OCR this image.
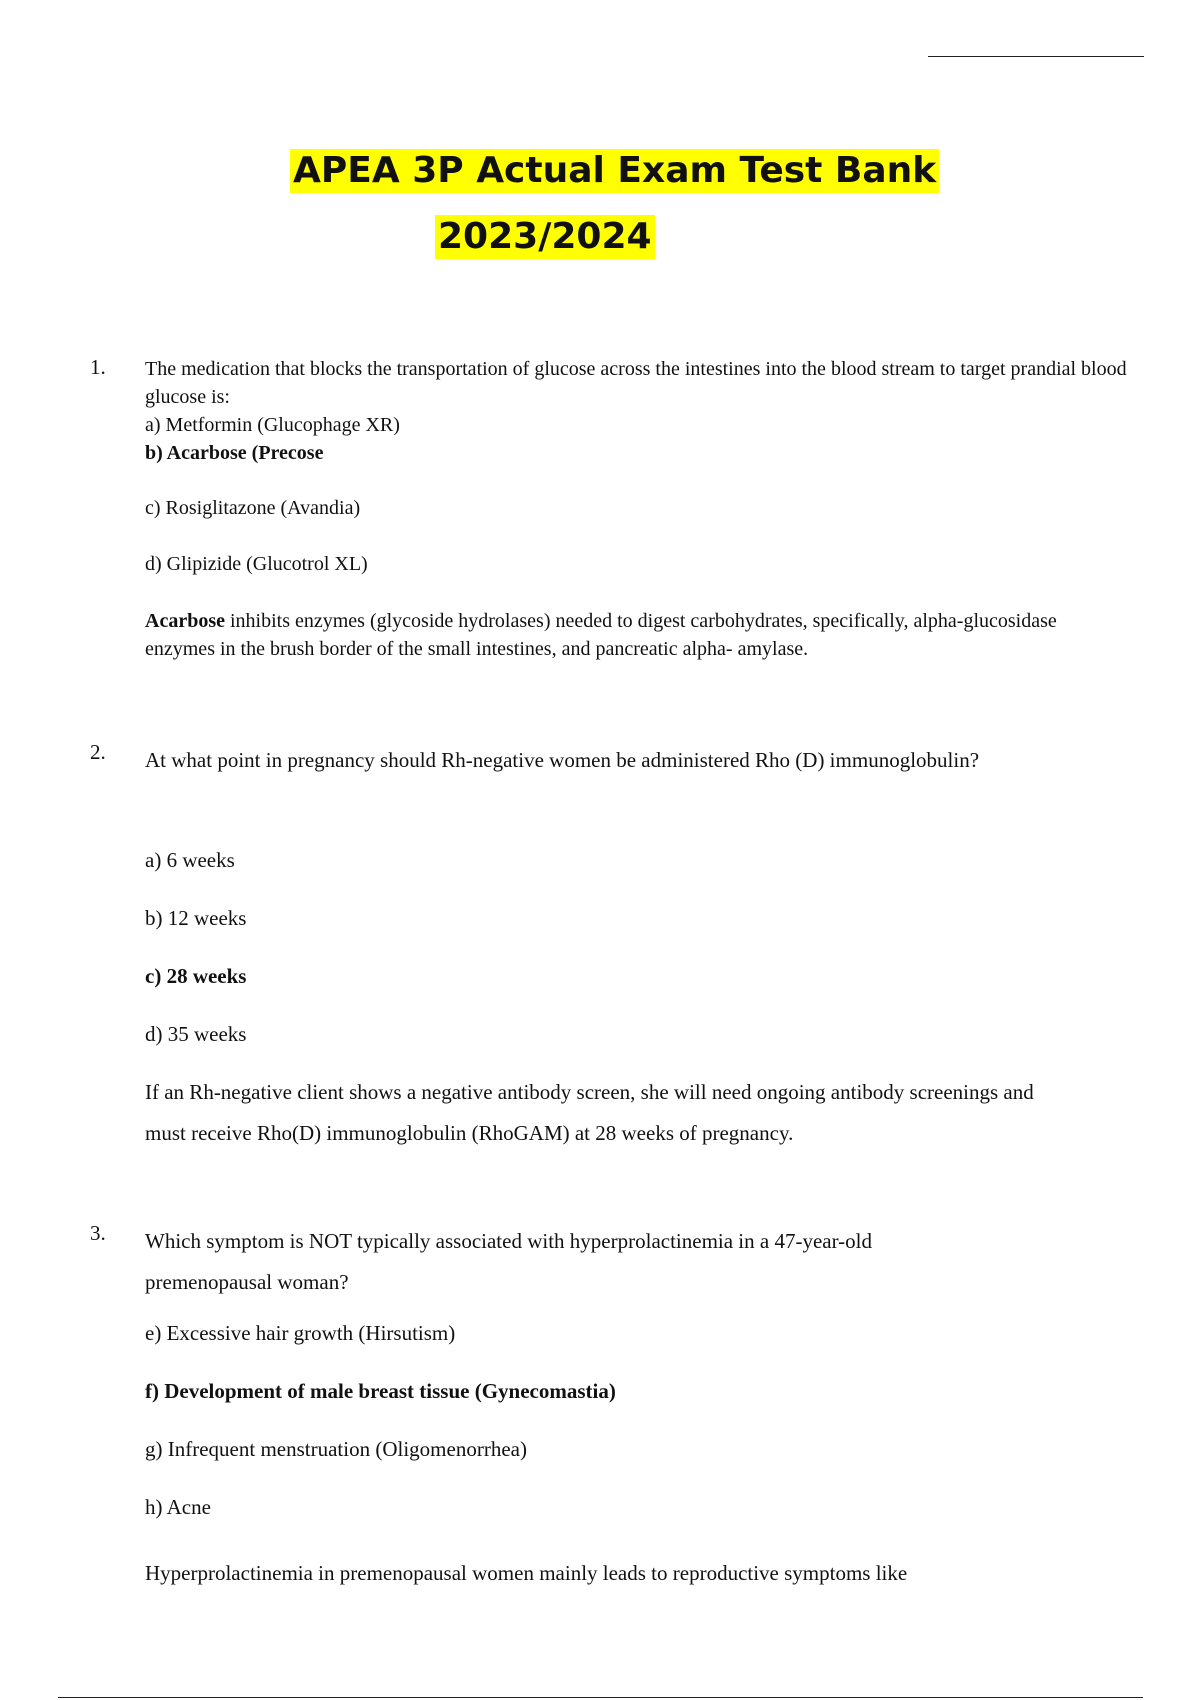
APEA 3P Actual Exam Test Bank
2023/2024
1. The medication that blocks the transportation of glucose across the intestines into the blood stream to target prandial blood glucose is:
a) Metformin (Glucophage XR)
b) Acarbose (Precose
c) Rosiglitazone (Avandia)
d) Glipizide (Glucotrol XL)
Acarbose inhibits enzymes (glycoside hydrolases) needed to digest carbohydrates, specifically, alpha-glucosidase enzymes in the brush border of the small intestines, and pancreatic alpha- amylase.
2. At what point in pregnancy should Rh-negative women be administered Rho (D) immunoglobulin?
a) 6 weeks
b) 12 weeks
c) 28 weeks
d) 35 weeks
If an Rh-negative client shows a negative antibody screen, she will need ongoing antibody screenings and must receive Rho(D) immunoglobulin (RhoGAM) at 28 weeks of pregnancy.
3. Which symptom is NOT typically associated with hyperprolactinemia in a 47-year-old premenopausal woman?
e) Excessive hair growth (Hirsutism)
f) Development of male breast tissue (Gynecomastia)
g) Infrequent menstruation (Oligomenorrhea)
h) Acne
Hyperprolactinemia in premenopausal women mainly leads to reproductive symptoms like
